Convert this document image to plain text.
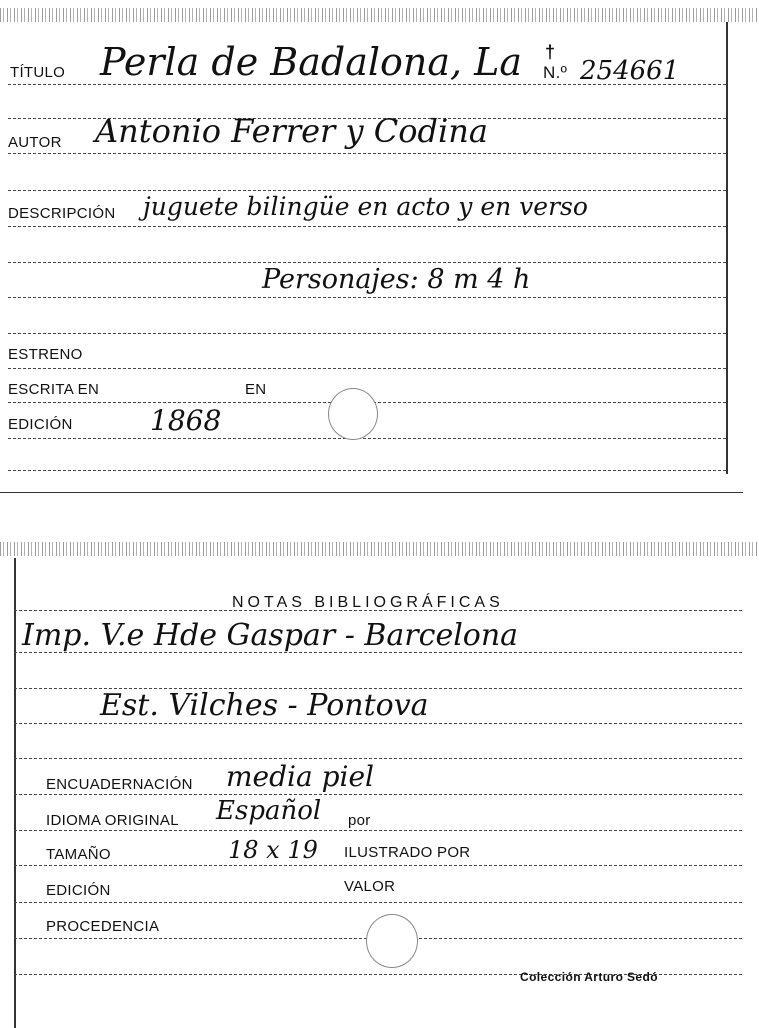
TÍTULO Perla de Badalona, La †
N.º 254661
AUTOR Antonio Ferrer y Codina
DESCRIPCIÓN juguete bilingüe en acto y en verso
Personajes: 8 m 4 h
ESTRENO
ESCRITA EN	EN
EDICIÓN	1868
NOTAS BIBLIOGRÁFICAS
Imp. V.e Hde Gaspar - Barcelona
Est. Vilches - Pontova
ENCUADERNACIÓN media piel
IDIOMA ORIGINAL Español por
TAMAÑO	18 x 19 ILUSTRADO POR
EDICIÓN	VALOR
PROCEDENCIA
Colección Arturo Sedó
